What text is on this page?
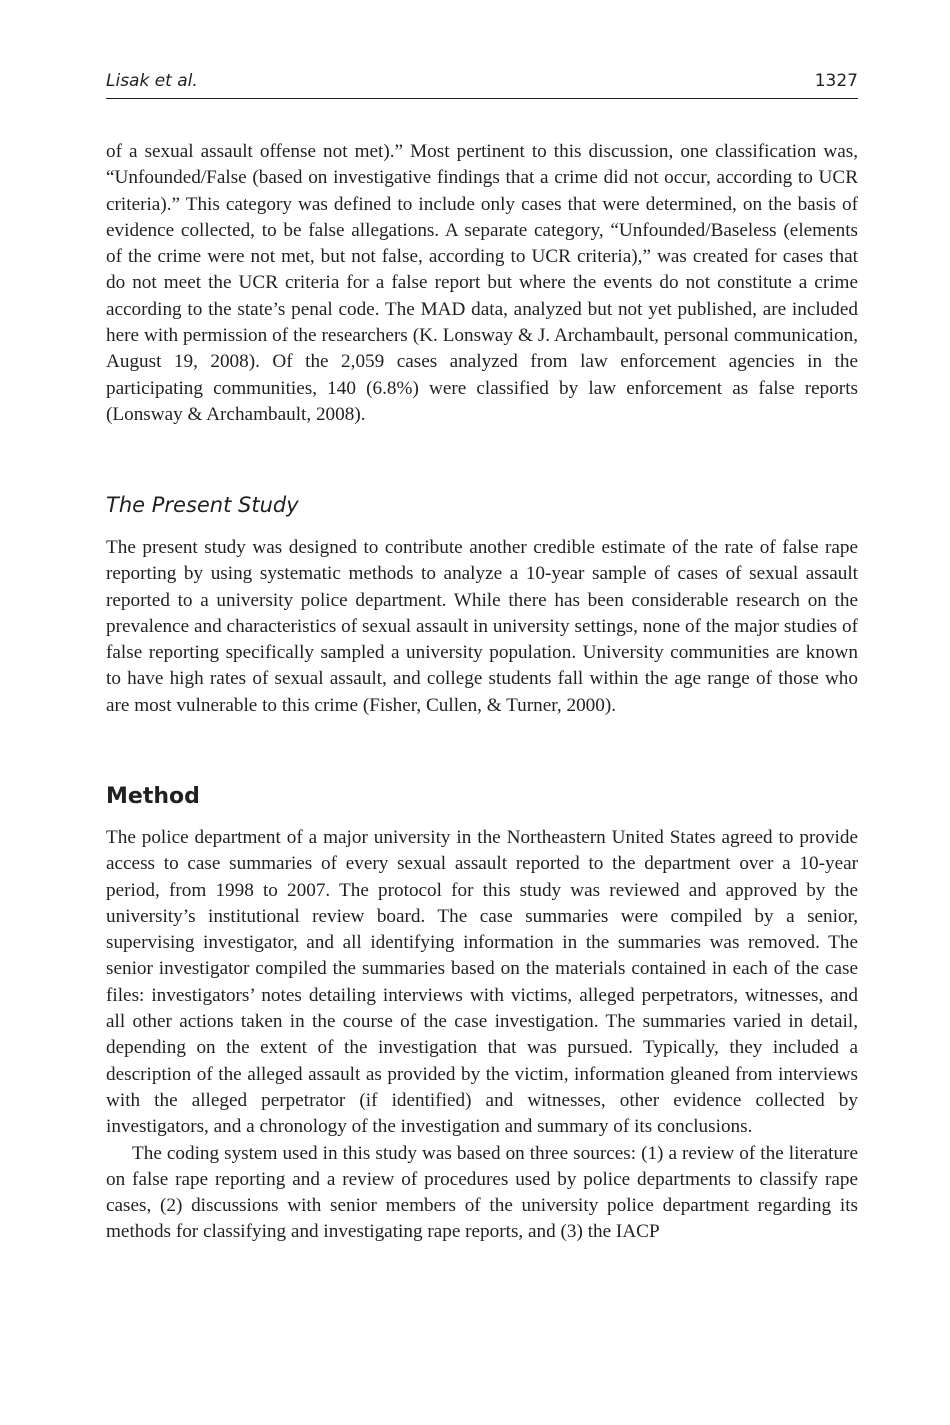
Lisak et al.	1327

of a sexual assault offense not met).” Most pertinent to this discussion, one classification was, “Unfounded/False (based on investigative findings that a crime did not occur, according to UCR criteria).” This category was defined to include only cases that were determined, on the basis of evidence collected, to be false allegations. A separate category, “Unfounded/Baseless (elements of the crime were not met, but not false, according to UCR criteria),” was created for cases that do not meet the UCR criteria for a false report but where the events do not constitute a crime according to the state’s penal code. The MAD data, analyzed but not yet published, are included here with permission of the researchers (K. Lonsway & J. Archambault, personal communication, August 19, 2008). Of the 2,059 cases analyzed from law enforcement agencies in the participating communities, 140 (6.8%) were classified by law enforcement as false reports (Lonsway & Archambault, 2008).

The Present Study

The present study was designed to contribute another credible estimate of the rate of false rape reporting by using systematic methods to analyze a 10-year sample of cases of sexual assault reported to a university police department. While there has been considerable research on the prevalence and characteristics of sexual assault in university settings, none of the major studies of false reporting specifically sampled a university population. University communities are known to have high rates of sexual assault, and college students fall within the age range of those who are most vulnerable to this crime (Fisher, Cullen, & Turner, 2000).

Method

The police department of a major university in the Northeastern United States agreed to provide access to case summaries of every sexual assault reported to the department over a 10-year period, from 1998 to 2007. The protocol for this study was reviewed and approved by the university’s institutional review board. The case summaries were compiled by a senior, supervising investigator, and all identifying information in the summaries was removed. The senior investigator compiled the summaries based on the materials contained in each of the case files: investigators’ notes detailing interviews with victims, alleged perpetrators, witnesses, and all other actions taken in the course of the case investigation. The summaries varied in detail, depending on the extent of the investigation that was pursued. Typically, they included a description of the alleged assault as provided by the victim, information gleaned from interviews with the alleged perpetrator (if identified) and witnesses, other evidence collected by investigators, and a chronology of the investigation and summary of its conclusions.

The coding system used in this study was based on three sources: (1) a review of the literature on false rape reporting and a review of procedures used by police departments to classify rape cases, (2) discussions with senior members of the university police department regarding its methods for classifying and investigating rape reports, and (3) the IACP
